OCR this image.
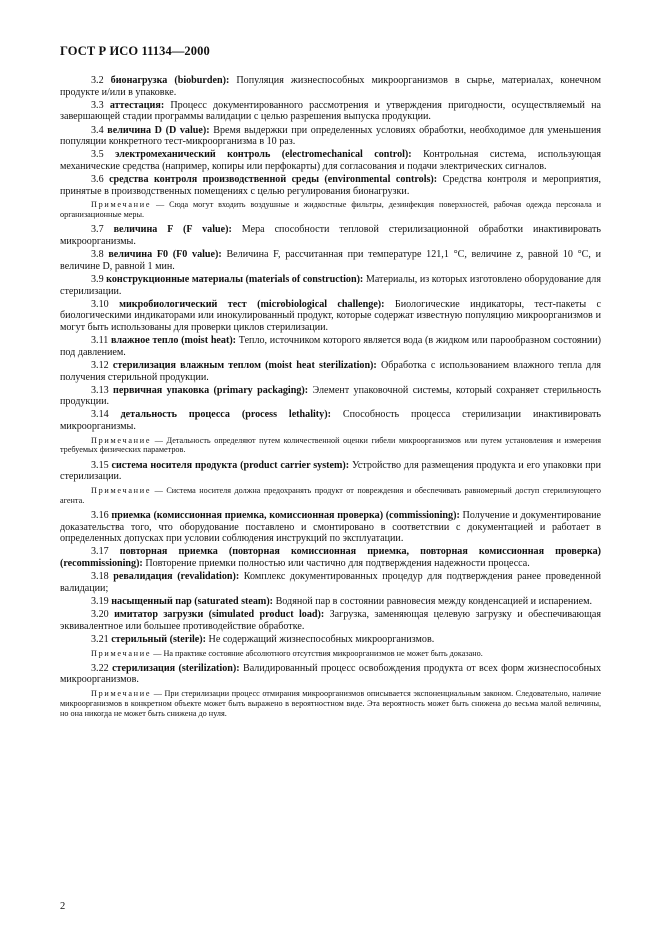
ГОСТ Р ИСО 11134—2000
3.2 бионагрузка (bioburden): Популяция жизнеспособных микроорганизмов в сырье, материалах, конечном продукте и/или в упаковке.
3.3 аттестация: Процесс документированного рассмотрения и утверждения пригодности, осуществляемый на завершающей стадии программы валидации с целью разрешения выпуска продукции.
3.4 величина D (D value): Время выдержки при определенных условиях обработки, необходимое для уменьшения популяции конкретного тест-микроорганизма в 10 раз.
3.5 электромеханический контроль (electromechanical control): Контрольная система, использующая механические средства (например, копиры или перфокарты) для согласования и подачи электрических сигналов.
3.6 средства контроля производственной среды (environmental controls): Средства контроля и мероприятия, принятые в производственных помещениях с целью регулирования бионагрузки.
Примечание — Сюда могут входить воздушные и жидкостные фильтры, дезинфекция поверхностей, рабочая одежда персонала и организационные меры.
3.7 величина F (F value): Мера способности тепловой стерилизационной обработки инактивировать микроорганизмы.
3.8 величина F0 (F0 value): Величина F, рассчитанная при температуре 121,1 °С, величине z, равной 10 °С, и величине D, равной 1 мин.
3.9 конструкционные материалы (materials of construction): Материалы, из которых изготовлено оборудование для стерилизации.
3.10 микробиологический тест (microbiological challenge): Биологические индикаторы, тест-пакеты с биологическими индикаторами или инокулированный продукт, которые содержат известную популяцию микроорганизмов и могут быть использованы для проверки циклов стерилизации.
3.11 влажное тепло (moist heat): Тепло, источником которого является вода (в жидком или парообразном состоянии) под давлением.
3.12 стерилизация влажным теплом (moist heat sterilization): Обработка с использованием влажного тепла для получения стерильной продукции.
3.13 первичная упаковка (primary packaging): Элемент упаковочной системы, который сохраняет стерильность продукции.
3.14 детальность процесса (process lethality): Способность процесса стерилизации инактивировать микроорганизмы.
Примечание — Детальность определяют путем количественной оценки гибели микроорганизмов или путем установления и измерения требуемых физических параметров.
3.15 система носителя продукта (product carrier system): Устройство для размещения продукта и его упаковки при стерилизации.
Примечание — Система носителя должна предохранять продукт от повреждения и обеспечивать равномерный доступ стерилизующего агента.
3.16 приемка (комиссионная приемка, комиссионная проверка) (commissioning): Получение и документирование доказательства того, что оборудование поставлено и смонтировано в соответствии с документацией и работает в определенных допусках при условии соблюдения инструкций по эксплуатации.
3.17 повторная приемка (повторная комиссионная приемка, повторная комиссионная проверка) (recommissioning): Повторение приемки полностью или частично для подтверждения надежности процесса.
3.18 ревалидация (revalidation): Комплекс документированных процедур для подтверждения ранее проведенной валидации;
3.19 насыщенный пар (saturated steam): Водяной пар в состоянии равновесия между конденсацией и испарением.
3.20 имитатор загрузки (simulated product load): Загрузка, заменяющая целевую загрузку и обеспечивающая эквивалентное или большее противодействие обработке.
3.21 стерильный (sterile): Не содержащий жизнеспособных микроорганизмов.
Примечание — На практике состояние абсолютного отсутствия микроорганизмов не может быть доказано.
3.22 стерилизация (sterilization): Валидированный процесс освобождения продукта от всех форм жизнеспособных микроорганизмов.
Примечание — При стерилизации процесс отмирания микроорганизмов описывается экспоненциальным законом. Следовательно, наличие микроорганизмов в конкретном объекте может быть выражено в вероятностном виде. Эта вероятность может быть снижена до весьма малой величины, но она никогда не может быть снижена до нуля.
2
